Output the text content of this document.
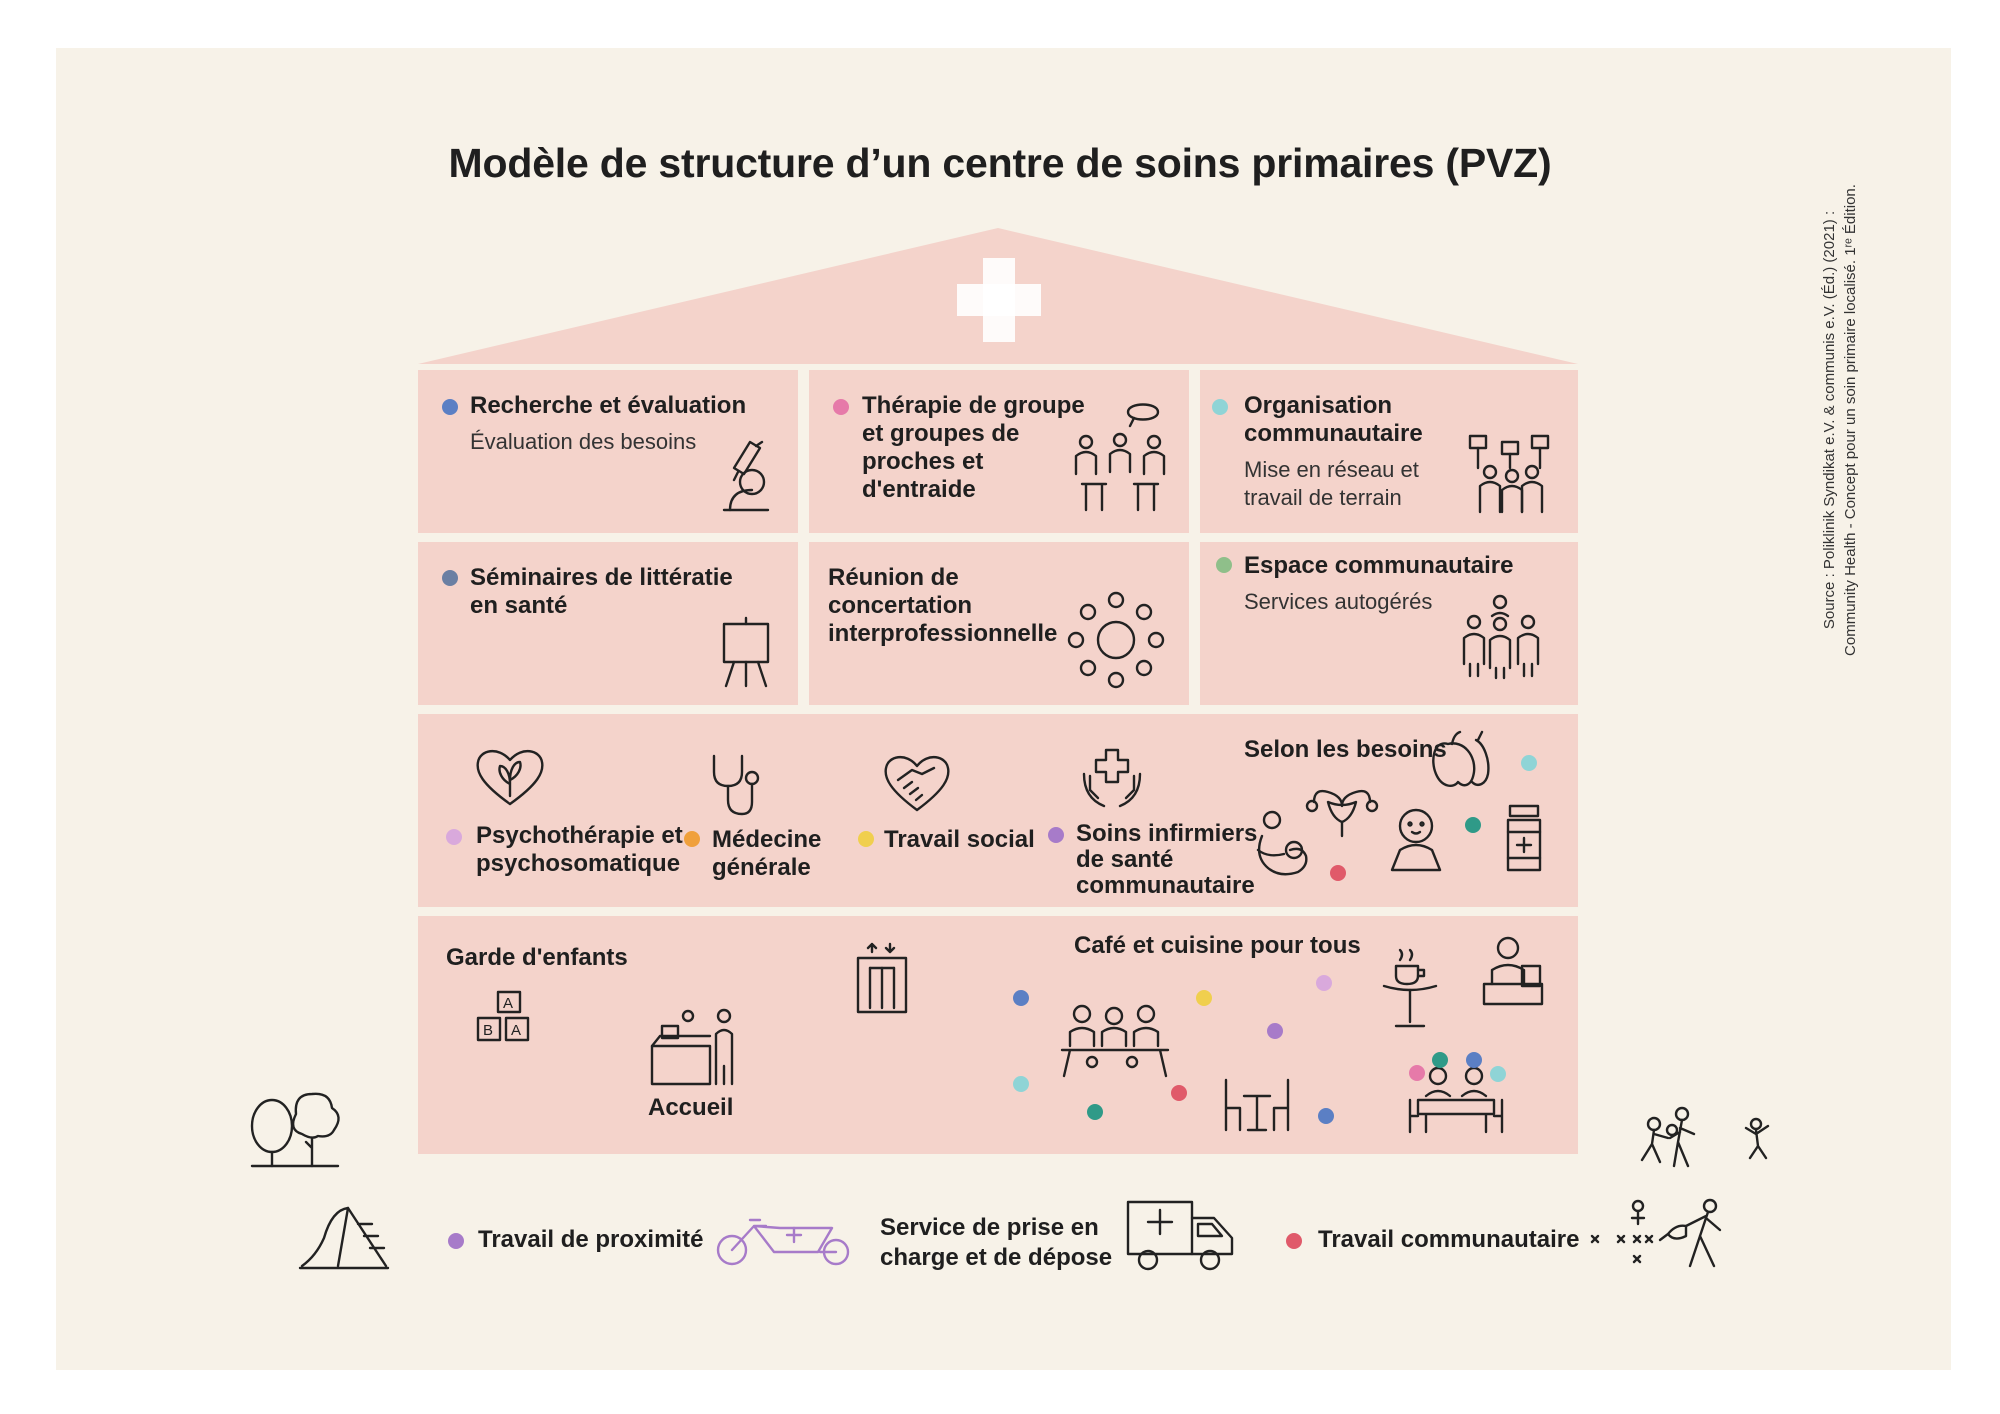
Modèle de structure d’un centre de soins primaires (PVZ)
Source : Poliklinik Syndikat e.V. & communis e.V. (Éd.) (2021) : Community Health - Concept pour un soin primaire localisé. 1ʳᵉ Édition.
Recherche et évaluation
Évaluation des besoins
Thérapie de groupe
et groupes de
proches et
d'entraide
Organisation
communautaire
Mise en réseau et
travail de terrain
Séminaires de littératie
en santé
Réunion de
concertation
interprofessionnelle
Espace communautaire
Services autogérés
Psychothérapie et
psychosomatique
Médecine
générale
Travail social Soins infirmiers
de santé
communautaire
Selon les besoins
Garde d'enfants
A
B A
Accueil
Café et cuisine pour tous
Travail de proximité	Service de prise en
charge et de dépose
Travail communautaire
